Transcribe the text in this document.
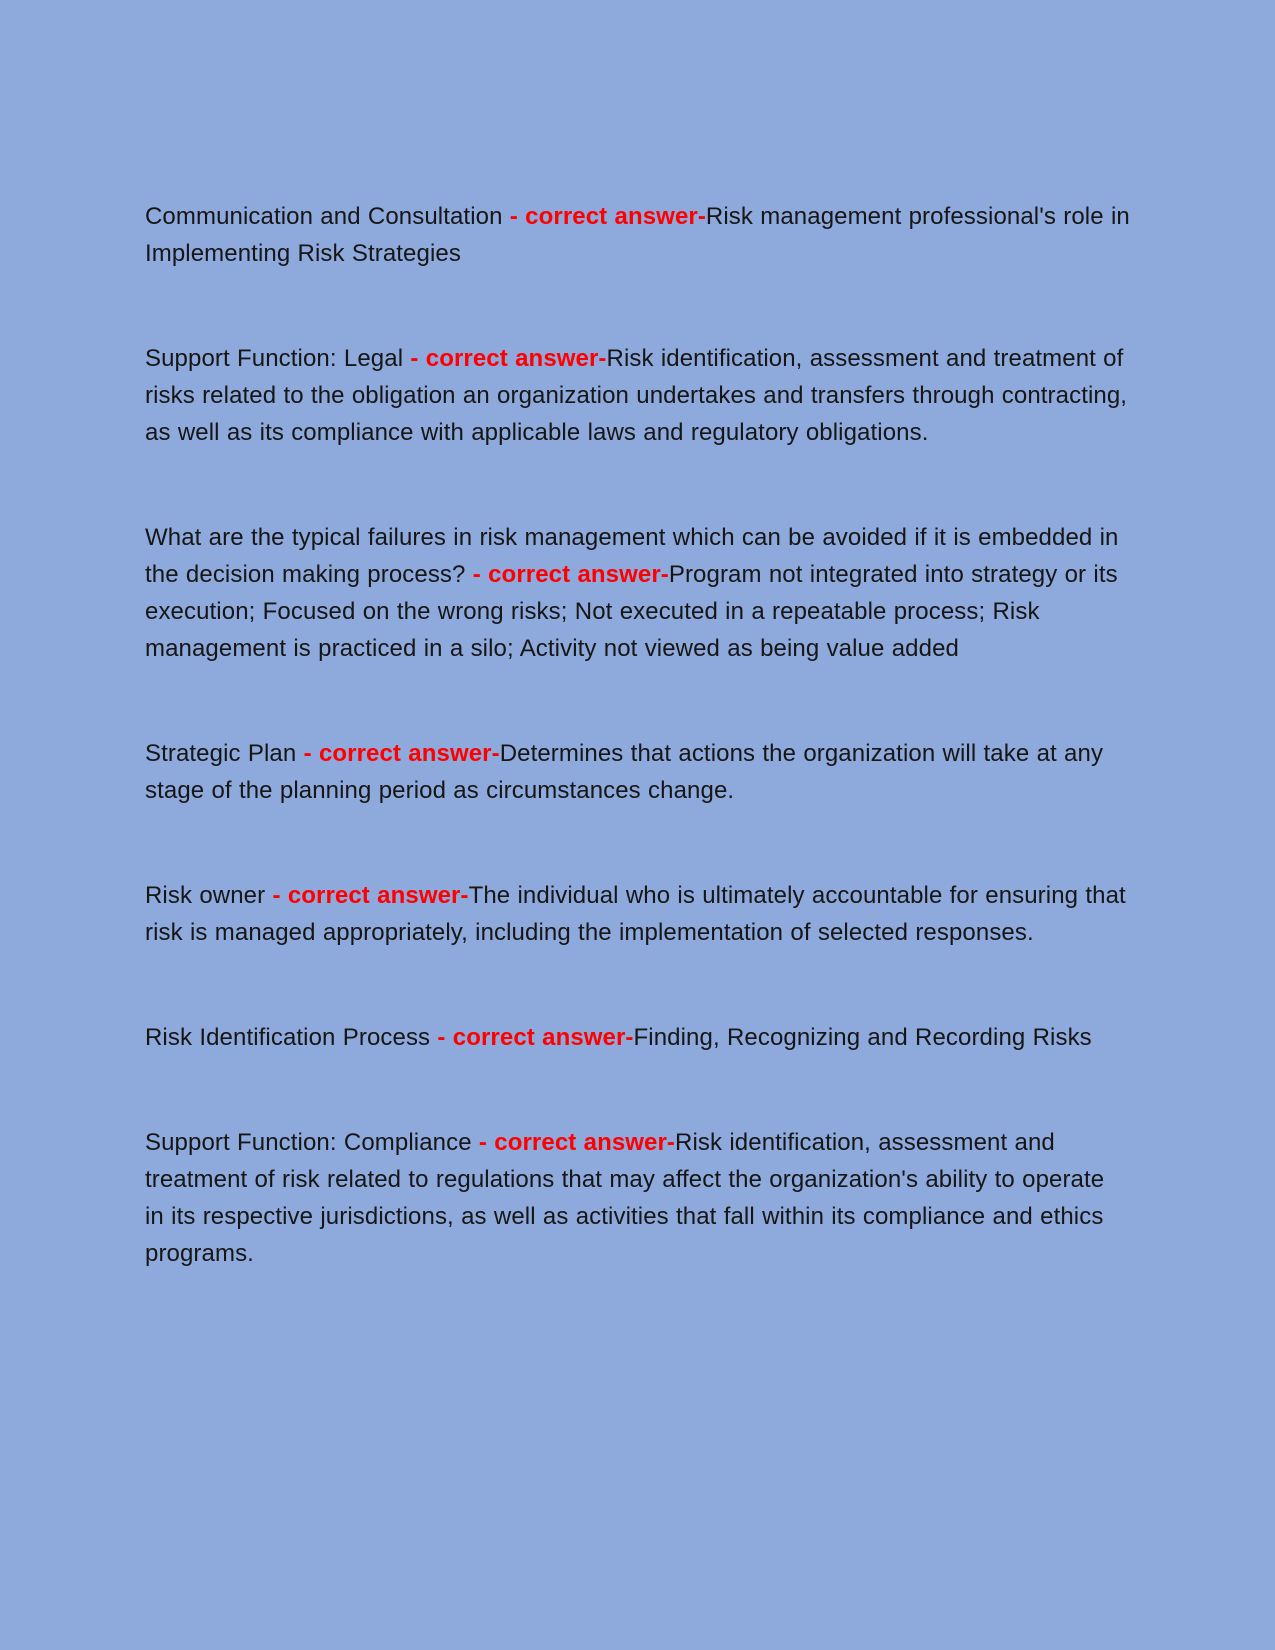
Communication and Consultation - correct answer-Risk management professional's role in Implementing Risk Strategies

Support Function: Legal - correct answer-Risk identification, assessment and treatment of risks related to the obligation an organization undertakes and transfers through contracting, as well as its compliance with applicable laws and regulatory obligations.

What are the typical failures in risk management which can be avoided if it is embedded in the decision making process? - correct answer-Program not integrated into strategy or its execution; Focused on the wrong risks; Not executed in a repeatable process; Risk management is practiced in a silo; Activity not viewed as being value added

Strategic Plan - correct answer-Determines that actions the organization will take at any stage of the planning period as circumstances change.

Risk owner - correct answer-The individual who is ultimately accountable for ensuring that risk is managed appropriately, including the implementation of selected responses.

Risk Identification Process - correct answer-Finding, Recognizing and Recording Risks

Support Function: Compliance - correct answer-Risk identification, assessment and treatment of risk related to regulations that may affect the organization's ability to operate in its respective jurisdictions, as well as activities that fall within its compliance and ethics programs.
